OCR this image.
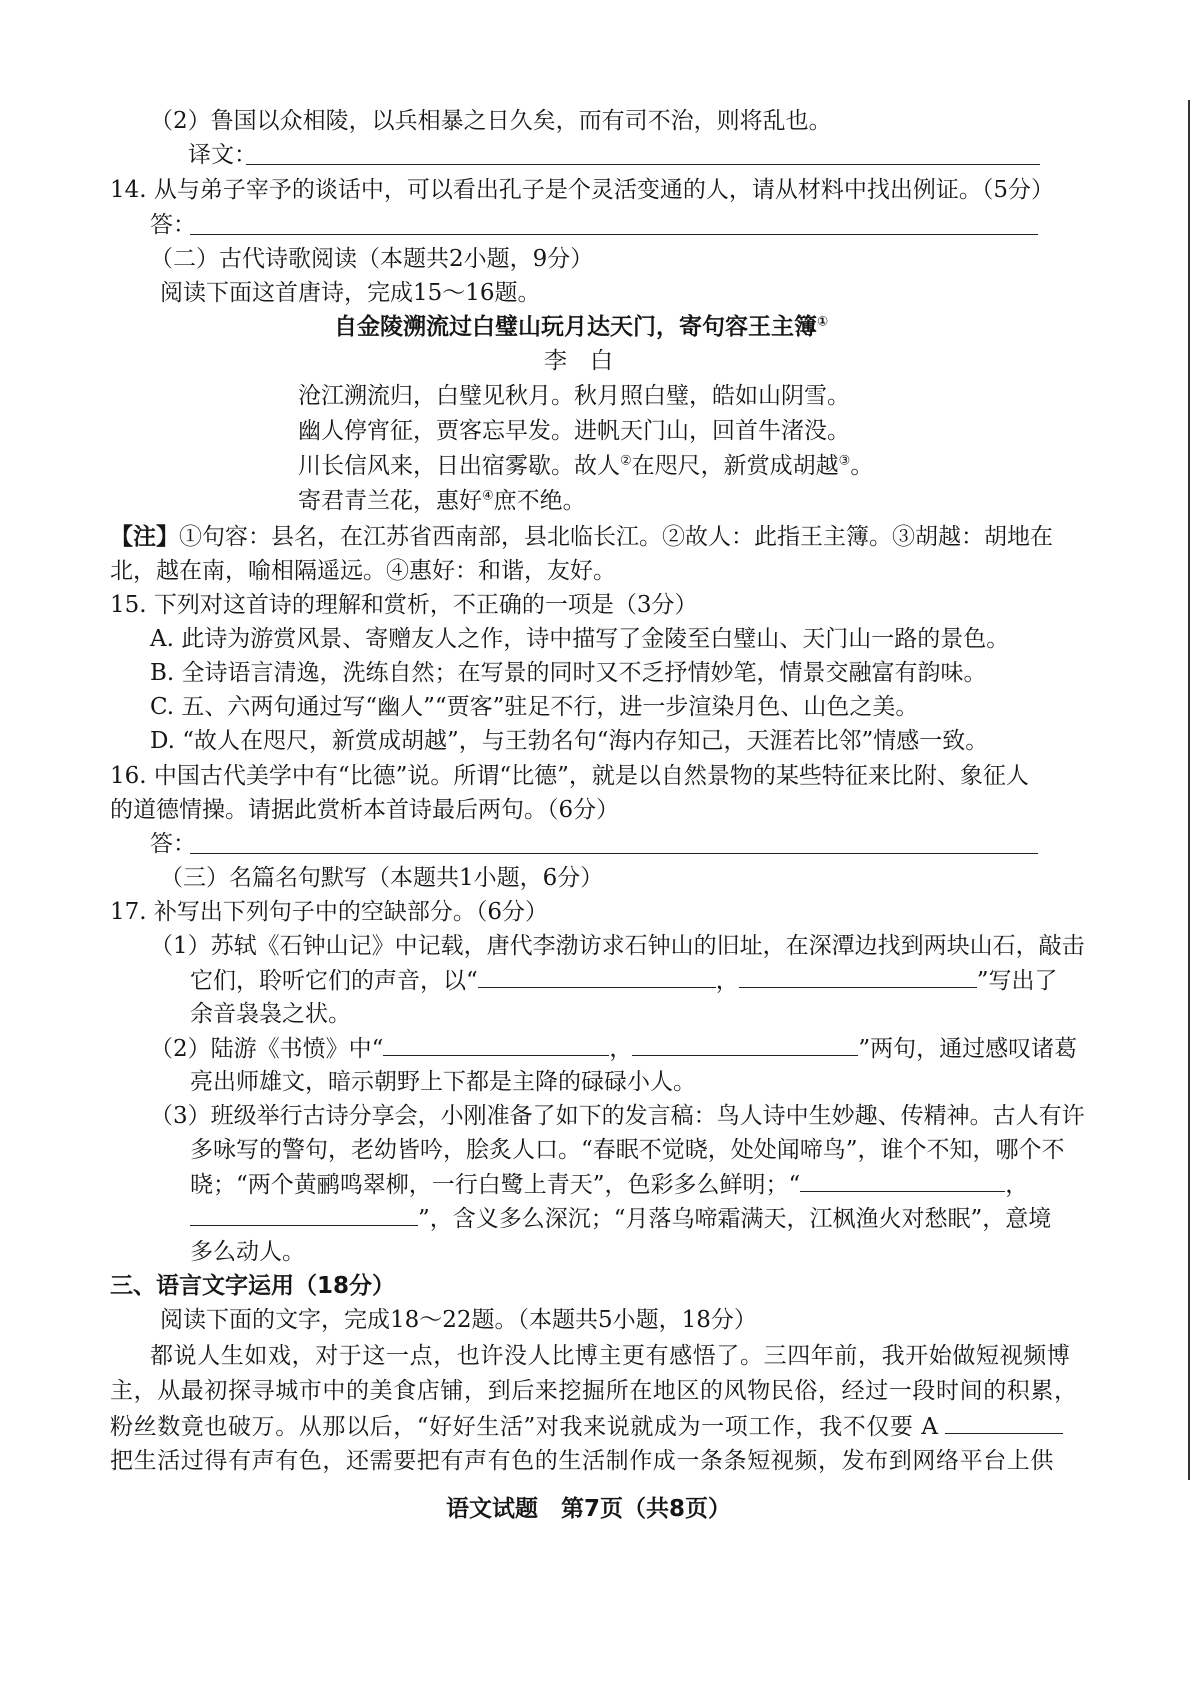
（2）鲁国以众相陵，以兵相暴之日久矣，而有司不治，则将乱也。
译文：
14. 从与弟子宰予的谈话中，可以看出孔子是个灵活变通的人，请从材料中找出例证。（5分）
答：
（二）古代诗歌阅读（本题共2小题，9分）
阅读下面这首唐诗，完成15～16题。
自金陵溯流过白璧山玩月达天门，寄句容王主簿①
李　白
沧江溯流归，白璧见秋月。秋月照白璧，皓如山阴雪。
幽人停宵征，贾客忘早发。进帆天门山，回首牛渚没。
川长信风来，日出宿雾歇。故人②在咫尺，新赏成胡越③。
寄君青兰花，惠好④庶不绝。
【注】①句容：县名，在江苏省西南部，县北临长江。②故人：此指王主簿。③胡越：胡地在
北，越在南，喻相隔遥远。④惠好：和谐，友好。
15. 下列对这首诗的理解和赏析，不正确的一项是（3分）
A. 此诗为游赏风景、寄赠友人之作，诗中描写了金陵至白璧山、天门山一路的景色。
B. 全诗语言清逸，洗练自然；在写景的同时又不乏抒情妙笔，情景交融富有韵味。
C. 五、六两句通过写“幽人”“贾客”驻足不行，进一步渲染月色、山色之美。
D. “故人在咫尺，新赏成胡越”，与王勃名句“海内存知己，天涯若比邻”情感一致。
16. 中国古代美学中有“比德”说。所谓“比德”，就是以自然景物的某些特征来比附、象征人
的道德情操。请据此赏析本首诗最后两句。（6分）
答：
（三）名篇名句默写（本题共1小题，6分）
17. 补写出下列句子中的空缺部分。（6分）
（1）苏轼《石钟山记》中记载，唐代李渤访求石钟山的旧址，在深潭边找到两块山石，敲击
它们，聆听它们的声音，以“	，	”写出了
余音袅袅之状。
（2）陆游《书愤》中“	，	”两句，通过感叹诸葛
亮出师雄文，暗示朝野上下都是主降的碌碌小人。
（3）班级举行古诗分享会，小刚准备了如下的发言稿：鸟人诗中生妙趣、传精神。古人有许
多咏写的警句，老幼皆吟，脍炙人口。“春眠不觉晓，处处闻啼鸟”，谁个不知，哪个不
晓；“两个黄鹂鸣翠柳，一行白鹭上青天”，色彩多么鲜明；“	，
”，含义多么深沉；“月落乌啼霜满天，江枫渔火对愁眠”，意境
多么动人。
三、语言文字运用（18分）
阅读下面的文字，完成18～22题。（本题共5小题，18分）
都说人生如戏，对于这一点，也许没人比博主更有感悟了。三四年前，我开始做短视频博
主，从最初探寻城市中的美食店铺，到后来挖掘所在地区的风物民俗，经过一段时间的积累，
粉丝数竟也破万。从那以后，“好好生活”对我来说就成为一项工作，我不仅要 A
把生活过得有声有色，还需要把有声有色的生活制作成一条条短视频，发布到网络平台上供
语文试题　第7页（共8页）
